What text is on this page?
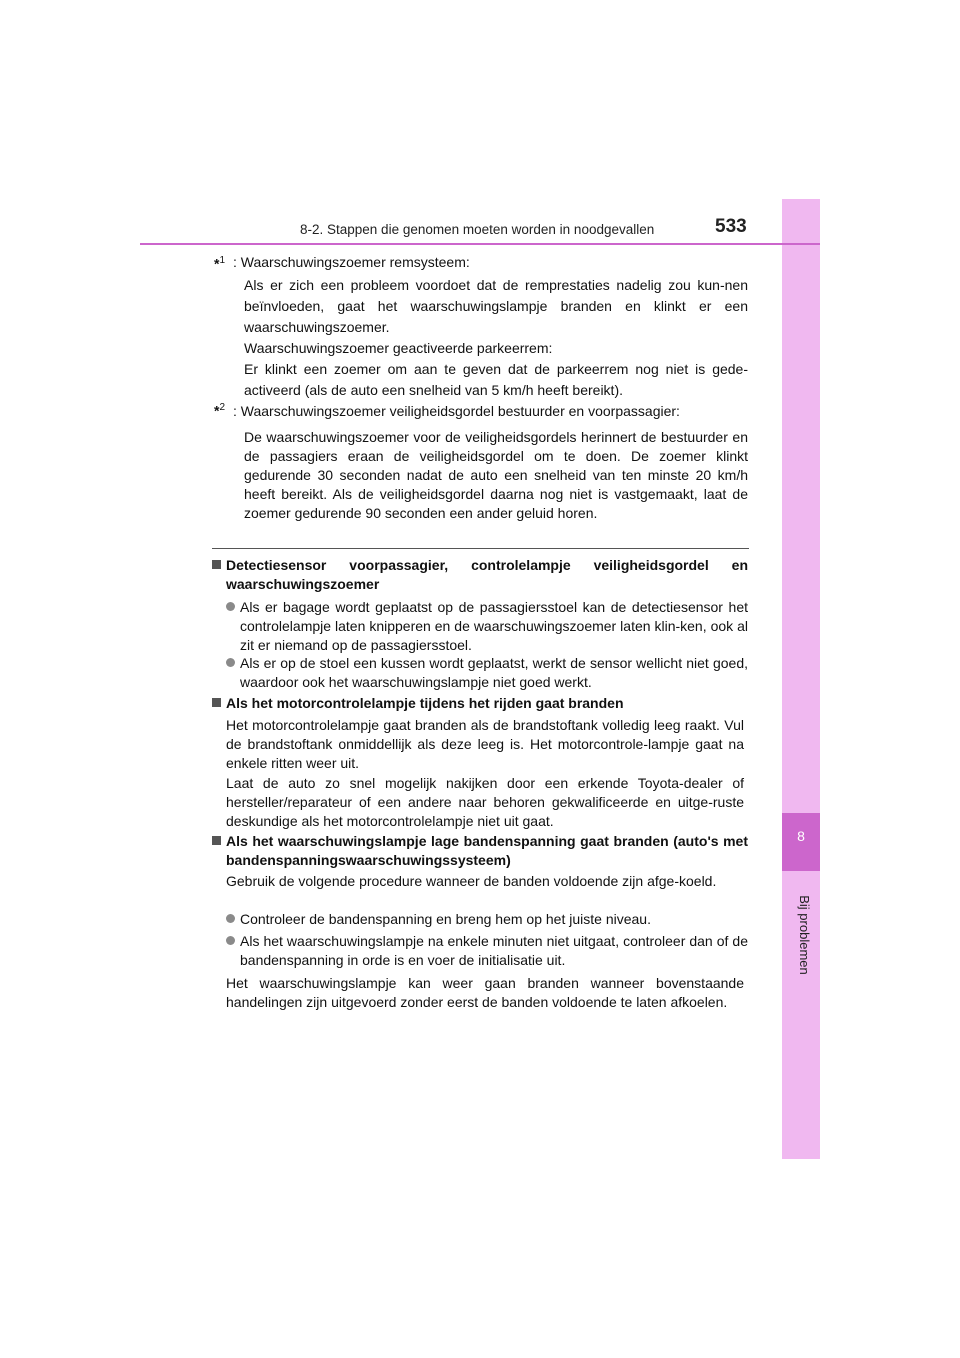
8
Bij problemen
8-2. Stappen die genomen moeten worden in noodgevallen	533
*$^1$ : Waarschuwingszoemer remsysteem:
Als er zich een probleem voordoet dat de remprestaties nadelig zou kun-nen beïnvloeden, gaat het waarschuwingslampje branden en klinkt er een waarschuwingszoemer.
Waarschuwingszoemer geactiveerde parkeerrem:
Er klinkt een zoemer om aan te geven dat de parkeerrem nog niet is gede-activeerd (als de auto een snelheid van 5 km/h heeft bereikt).
*$^2$ : Waarschuwingszoemer veiligheidsgordel bestuurder en voorpassagier:
De waarschuwingszoemer voor de veiligheidsgordels herinnert de bestuurder en de passagiers eraan de veiligheidsgordel om te doen. De zoemer klinkt gedurende 30 seconden nadat de auto een snelheid van ten minste 20 km/h heeft bereikt. Als de veiligheidsgordel daarna nog niet is vastgemaakt, laat de zoemer gedurende 90 seconden een ander geluid horen.
Detectiesensor voorpassagier, controlelampje veiligheidsgordel en waarschuwingszoemer
Als er bagage wordt geplaatst op de passagiersstoel kan de detectiesensor het controlelampje laten knipperen en de waarschuwingszoemer laten klin-ken, ook al zit er niemand op de passagiersstoel.
Als er op de stoel een kussen wordt geplaatst, werkt de sensor wellicht niet goed, waardoor ook het waarschuwingslampje niet goed werkt.
Als het motorcontrolelampje tijdens het rijden gaat branden
Het motorcontrolelampje gaat branden als de brandstoftank volledig leeg raakt. Vul de brandstoftank onmiddellijk als deze leeg is. Het motorcontrole-lampje gaat na enkele ritten weer uit.
Laat de auto zo snel mogelijk nakijken door een erkende Toyota-dealer of hersteller/reparateur of een andere naar behoren gekwalificeerde en uitge-ruste deskundige als het motorcontrolelampje niet uit gaat.
Als het waarschuwingslampje lage bandenspanning gaat branden (auto's met bandenspanningswaarschuwingssysteem)
Gebruik de volgende procedure wanneer de banden voldoende zijn afge-koeld.
Controleer de bandenspanning en breng hem op het juiste niveau.
Als het waarschuwingslampje na enkele minuten niet uitgaat, controleer dan of de bandenspanning in orde is en voer de initialisatie uit.
Het waarschuwingslampje kan weer gaan branden wanneer bovenstaande handelingen zijn uitgevoerd zonder eerst de banden voldoende te laten afkoelen.
